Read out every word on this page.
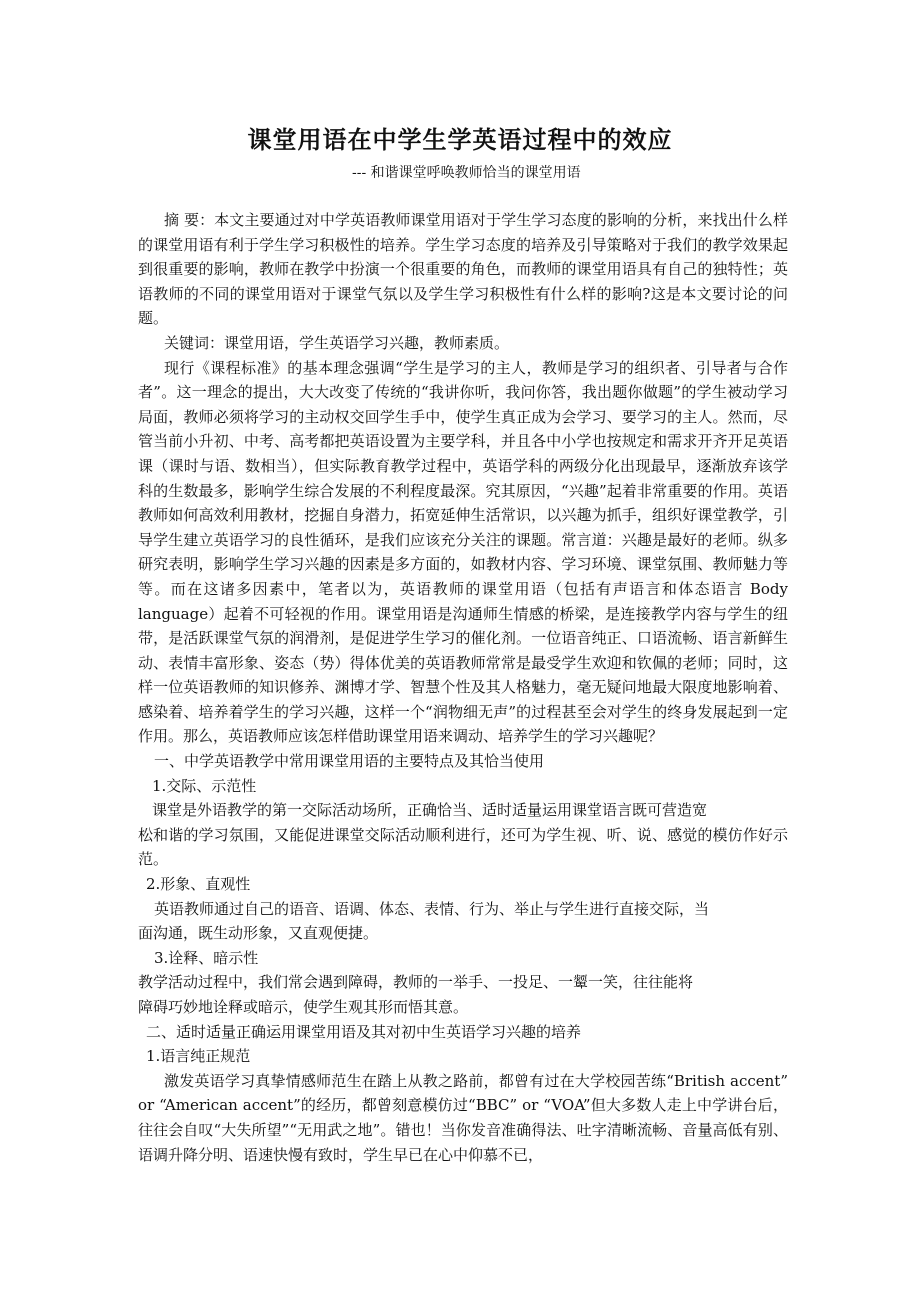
课堂用语在中学生学英语过程中的效应

--- 和谐课堂呼唤教师恰当的课堂用语

摘 要：本文主要通过对中学英语教师课堂用语对于学生学习态度的影响的分析，来找出什么样的课堂用语有利于学生学习积极性的培养。学生学习态度的培养及引导策略对于我们的教学效果起到很重要的影响，教师在教学中扮演一个很重要的角色，而教师的课堂用语具有自己的独特性；英语教师的不同的课堂用语对于课堂气氛以及学生学习积极性有什么样的影响?这是本文要讨论的问题。

关键词：课堂用语，学生英语学习兴趣，教师素质。

现行《课程标准》的基本理念强调“学生是学习的主人，教师是学习的组织者、引导者与合作者”。这一理念的提出，大大改变了传统的“我讲你听，我问你答，我出题你做题”的学生被动学习局面，教师必须将学习的主动权交回学生手中，使学生真正成为会学习、要学习的主人。然而，尽管当前小升初、中考、高考都把英语设置为主要学科，并且各中小学也按规定和需求开齐开足英语课（课时与语、数相当），但实际教育教学过程中，英语学科的两级分化出现最早，逐渐放弃该学科的生数最多，影响学生综合发展的不利程度最深。究其原因，“兴趣”起着非常重要的作用。英语教师如何高效利用教材，挖掘自身潜力，拓宽延伸生活常识，以兴趣为抓手，组织好课堂教学，引导学生建立英语学习的良性循环，是我们应该充分关注的课题。常言道：兴趣是最好的老师。纵多研究表明，影响学生学习兴趣的因素是多方面的，如教材内容、学习环境、课堂氛围、教师魅力等等。而在这诸多因素中，笔者以为，英语教师的课堂用语（包括有声语言和体态语言 Body language）起着不可轻视的作用。课堂用语是沟通师生情感的桥梁，是连接教学内容与学生的纽带，是活跃课堂气氛的润滑剂，是促进学生学习的催化剂。一位语音纯正、口语流畅、语言新鲜生动、表情丰富形象、姿态（势）得体优美的英语教师常常是最受学生欢迎和钦佩的老师；同时，这样一位英语教师的知识修养、渊博才学、智慧个性及其人格魅力，毫无疑问地最大限度地影响着、感染着、培养着学生的学习兴趣，这样一个“润物细无声”的过程甚至会对学生的终身发展起到一定作用。那么，英语教师应该怎样借助课堂用语来调动、培养学生的学习兴趣呢？

一、中学英语教学中常用课堂用语的主要特点及其恰当使用

1.交际、示范性

课堂是外语教学的第一交际活动场所，正确恰当、适时适量运用课堂语言既可营造宽

松和谐的学习氛围，又能促进课堂交际活动顺利进行，还可为学生视、听、说、感觉的模仿作好示范。

2.形象、直观性

英语教师通过自己的语音、语调、体态、表情、行为、举止与学生进行直接交际，当

面沟通，既生动形象，又直观便捷。

3.诠释、暗示性

教学活动过程中，我们常会遇到障碍，教师的一举手、一投足、一颦一笑，往往能将

障碍巧妙地诠释或暗示，使学生观其形而悟其意。

二、适时适量正确运用课堂用语及其对初中生英语学习兴趣的培养

1.语言纯正规范

激发英语学习真挚情感师范生在踏上从教之路前，都曾有过在大学校园苦练“British accent” or “American accent”的经历，都曾刻意模仿过“BBC” or “VOA”但大多数人走上中学讲台后，往往会自叹“大失所望”“无用武之地”。错也！当你发音准确得法、吐字清晰流畅、音量高低有别、语调升降分明、语速快慢有致时，学生早已在心中仰慕不已，
